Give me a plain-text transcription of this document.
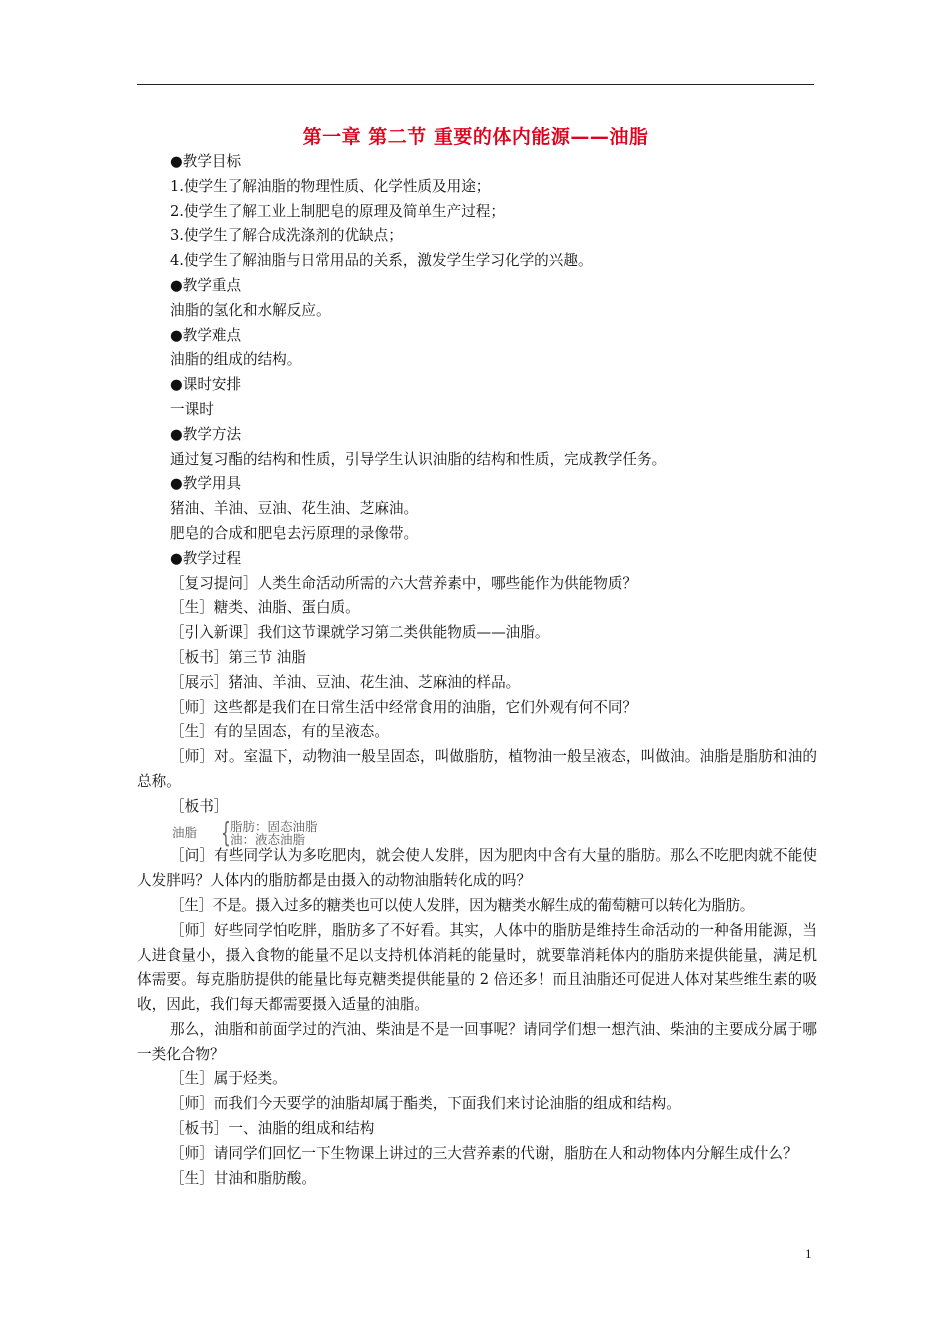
第一章 第二节 重要的体内能源——油脂
●教学目标
1.使学生了解油脂的物理性质、化学性质及用途；
2.使学生了解工业上制肥皂的原理及简单生产过程；
3.使学生了解合成洗涤剂的优缺点；
4.使学生了解油脂与日常用品的关系，激发学生学习化学的兴趣。
●教学重点
油脂的氢化和水解反应。
●教学难点
油脂的组成的结构。
●课时安排
一课时
●教学方法
通过复习酯的结构和性质，引导学生认识油脂的结构和性质，完成教学任务。
●教学用具
猪油、羊油、豆油、花生油、芝麻油。
肥皂的合成和肥皂去污原理的录像带。
●教学过程
［复习提问］人类生命活动所需的六大营养素中，哪些能作为供能物质？
［生］糖类、油脂、蛋白质。
［引入新课］我们这节课就学习第二类供能物质——油脂。
［板书］第三节 油脂
［展示］猪油、羊油、豆油、花生油、芝麻油的样品。
［师］这些都是我们在日常生活中经常食用的油脂，它们外观有何不同？
［生］有的呈固态，有的呈液态。
［师］对。室温下，动物油一般呈固态，叫做脂肪，植物油一般呈液态，叫做油。油脂是脂肪和油的总称。
［板书］
［问］有些同学认为多吃肥肉，就会使人发胖，因为肥肉中含有大量的脂肪。那么不吃肥肉就不能使人发胖吗？人体内的脂肪都是由摄入的动物油脂转化成的吗？
［生］不是。摄入过多的糖类也可以使人发胖，因为糖类水解生成的葡萄糖可以转化为脂肪。
［师］好些同学怕吃胖，脂肪多了不好看。其实，人体中的脂肪是维持生命活动的一种备用能源，当人进食量小，摄入食物的能量不足以支持机体消耗的能量时，就要靠消耗体内的脂肪来提供能量，满足机体需要。每克脂肪提供的能量比每克糖类提供能量的 2 倍还多！而且油脂还可促进人体对某些维生素的吸收，因此，我们每天都需要摄入适量的油脂。
那么，油脂和前面学过的汽油、柴油是不是一回事呢？请同学们想一想汽油、柴油的主要成分属于哪一类化合物？
［生］属于烃类。
［师］而我们今天要学的油脂却属于酯类，下面我们来讨论油脂的组成和结构。
［板书］一、油脂的组成和结构
［师］请同学们回忆一下生物课上讲过的三大营养素的代谢，脂肪在人和动物体内分解生成什么？
［生］甘油和脂肪酸。
油脂 { 脂肪：固态油脂
油：液态油脂
1
